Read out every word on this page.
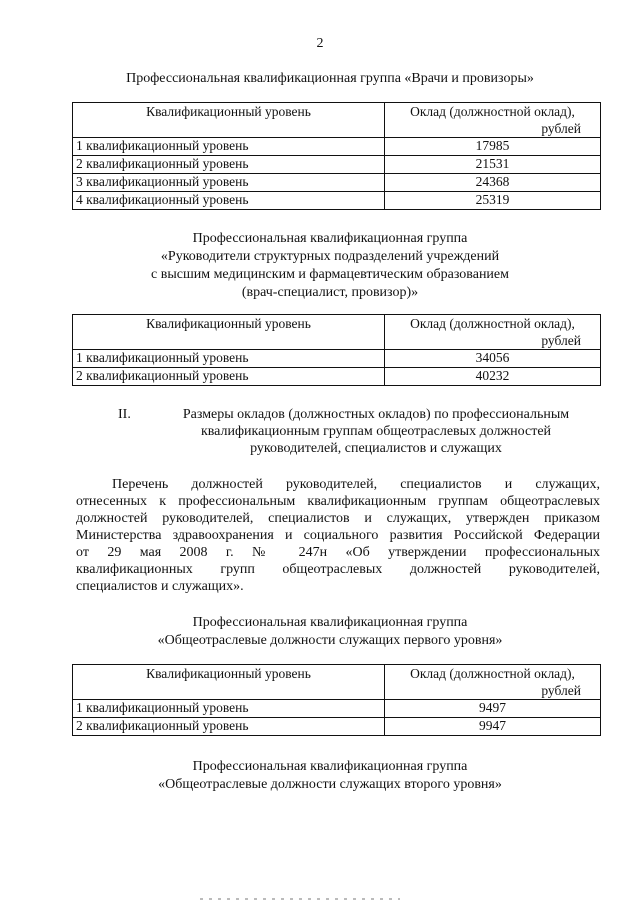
2
Профессиональная квалификационная группа «Врачи и провизоры»
Квалификационный уровень	Оклад (должностной оклад),
рублей

1 квалификационный уровень	17985
2 квалификационный уровень	21531
3 квалификационный уровень	24368
4 квалификационный уровень	25319
Профессиональная квалификационная группа
«Руководители структурных подразделений учреждений
с высшим медицинским и фармацевтическим образованием
(врач-специалист, провизор)»
Квалификационный уровень	Оклад (должностной оклад),
рублей

1 квалификационный уровень	34056
2 квалификационный уровень	40232
II.	Размеры окладов (должностных окладов) по профессиональным
квалификационным группам общеотраслевых должностей
руководителей, специалистов и служащих
Перечень должностей руководителей, специалистов и служащих,
отнесенных к профессиональным квалификационным группам общеотраслевых
должностей руководителей, специалистов и служащих, утвержден приказом
Министерства здравоохранения и социального развития Российской Федерации
от 29 мая 2008 г. № 247н «Об утверждении профессиональных
квалификационных групп общеотраслевых должностей руководителей,
специалистов и служащих».
Профессиональная квалификационная группа
«Общеотраслевые должности служащих первого уровня»
Квалификационный уровень	Оклад (должностной оклад),
рублей

1 квалификационный уровень	9497
2 квалификационный уровень	9947
Профессиональная квалификационная группа
«Общеотраслевые должности служащих второго уровня»
